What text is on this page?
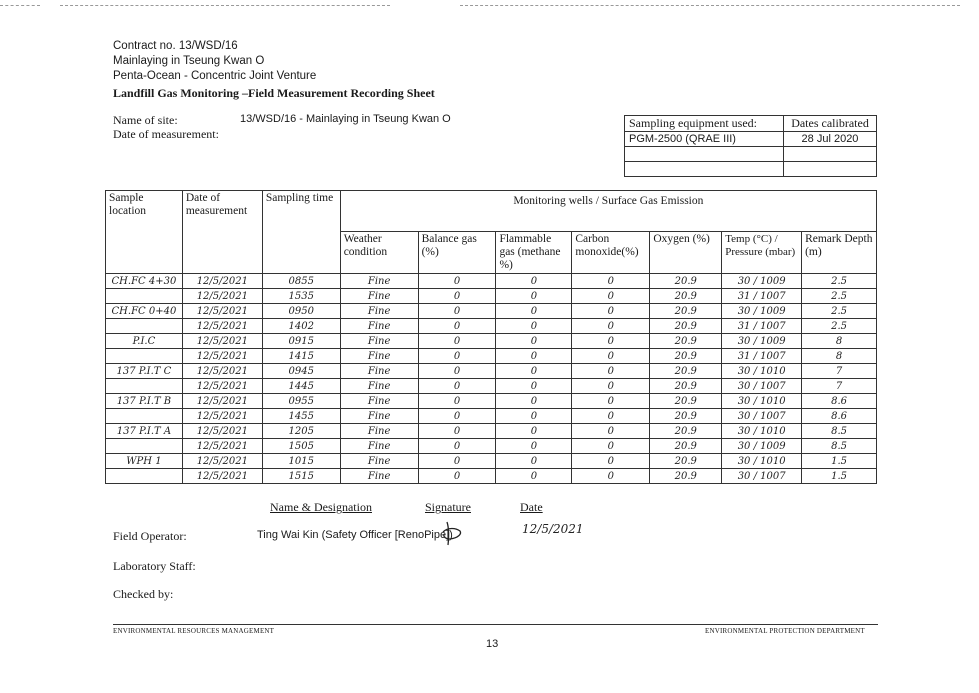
Contract no. 13/WSD/16
Mainlaying in Tseung Kwan O
Penta-Ocean - Concentric Joint Venture
Landfill Gas Monitoring –Field Measurement Recording Sheet
Name of site:	13/WSD/16 - Mainlaying in Tseung Kwan O
Date of measurement:
Sampling equipment used:	Dates calibrated
PGM-2500 (QRAE III)	28 Jul 2020

Sample location	Date of measurement	Sampling time	Monitoring wells / Surface Gas Emission						
			Weather condition	Balance gas (%)	Flammable gas (methane %)	Carbon monoxide(%)	Oxygen (%)	Temp (°C) / Pressure (mbar)	Remark Depth (m)
CH.FC 4+30	12/5/2021	0855	Fine	0	0	0	20.9	30 / 1009	2.5
	12/5/2021	1535	Fine	0	0	0	20.9	31 / 1007	2.5
CH.FC 0+40	12/5/2021	0950	Fine	0	0	0	20.9	30 / 1009	2.5
	12/5/2021	1402	Fine	0	0	0	20.9	31 / 1007	2.5
P.I.C	12/5/2021	0915	Fine	0	0	0	20.9	30 / 1009	8
	12/5/2021	1415	Fine	0	0	0	20.9	31 / 1007	8
137 P.I.T C	12/5/2021	0945	Fine	0	0	0	20.9	30 / 1010	7
	12/5/2021	1445	Fine	0	0	0	20.9	30 / 1007	7
137 P.I.T B	12/5/2021	0955	Fine	0	0	0	20.9	30 / 1010	8.6
	12/5/2021	1455	Fine	0	0	0	20.9	30 / 1007	8.6
137 P.I.T A	12/5/2021	1205	Fine	0	0	0	20.9	30 / 1010	8.5
	12/5/2021	1505	Fine	0	0	0	20.9	30 / 1009	8.5
WPH 1	12/5/2021	1015	Fine	0	0	0	20.9	30 / 1010	1.5
	12/5/2021	1515	Fine	0	0	0	20.9	30 / 1007	1.5
Name & Designation	Signature	Date
Field Operator:	Ting Wai Kin (Safety Officer [RenoPipe])	12/5/2021
Laboratory Staff:
Checked by:
ENVIRONMENTAL RESOURCES MANAGEMENT	ENVIRONMENTAL PROTECTION DEPARTMENT
13
